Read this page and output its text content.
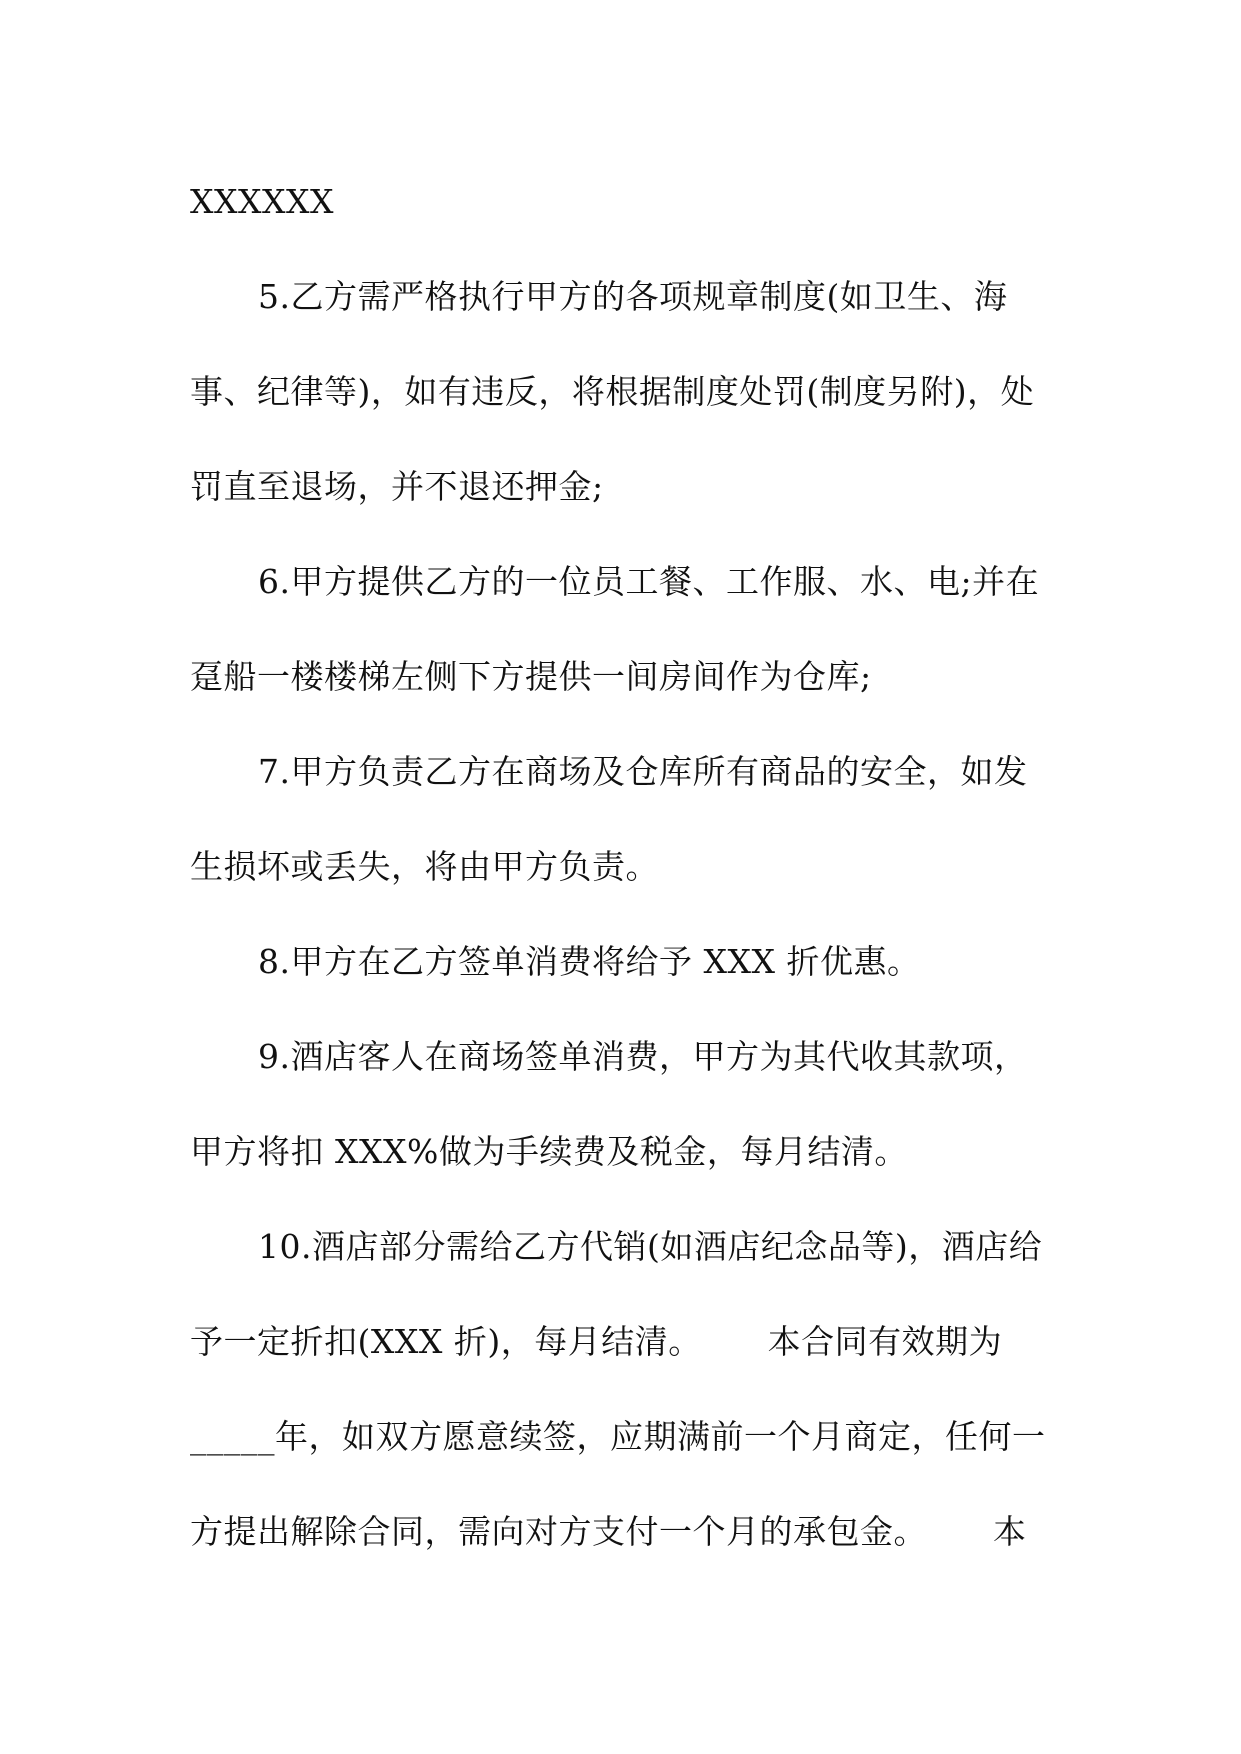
XXXXXX
5.乙方需严格执行甲方的各项规章制度(如卫生、海
事、纪律等)，如有违反，将根据制度处罚(制度另附)，处
罚直至退场，并不退还押金;
6.甲方提供乙方的一位员工餐、工作服、水、电;并在
趸船一楼楼梯左侧下方提供一间房间作为仓库;
7.甲方负责乙方在商场及仓库所有商品的安全，如发
生损坏或丢失，将由甲方负责。
8.甲方在乙方签单消费将给予 XXX 折优惠。
9.酒店客人在商场签单消费，甲方为其代收其款项，
甲方将扣 XXX%做为手续费及税金，每月结清。
10.酒店部分需给乙方代销(如酒店纪念品等)，酒店给
予一定折扣(XXX 折)，每月结清。      本合同有效期为
_____年，如双方愿意续签，应期满前一个月商定，任何一
方提出解除合同，需向对方支付一个月的承包金。      本
